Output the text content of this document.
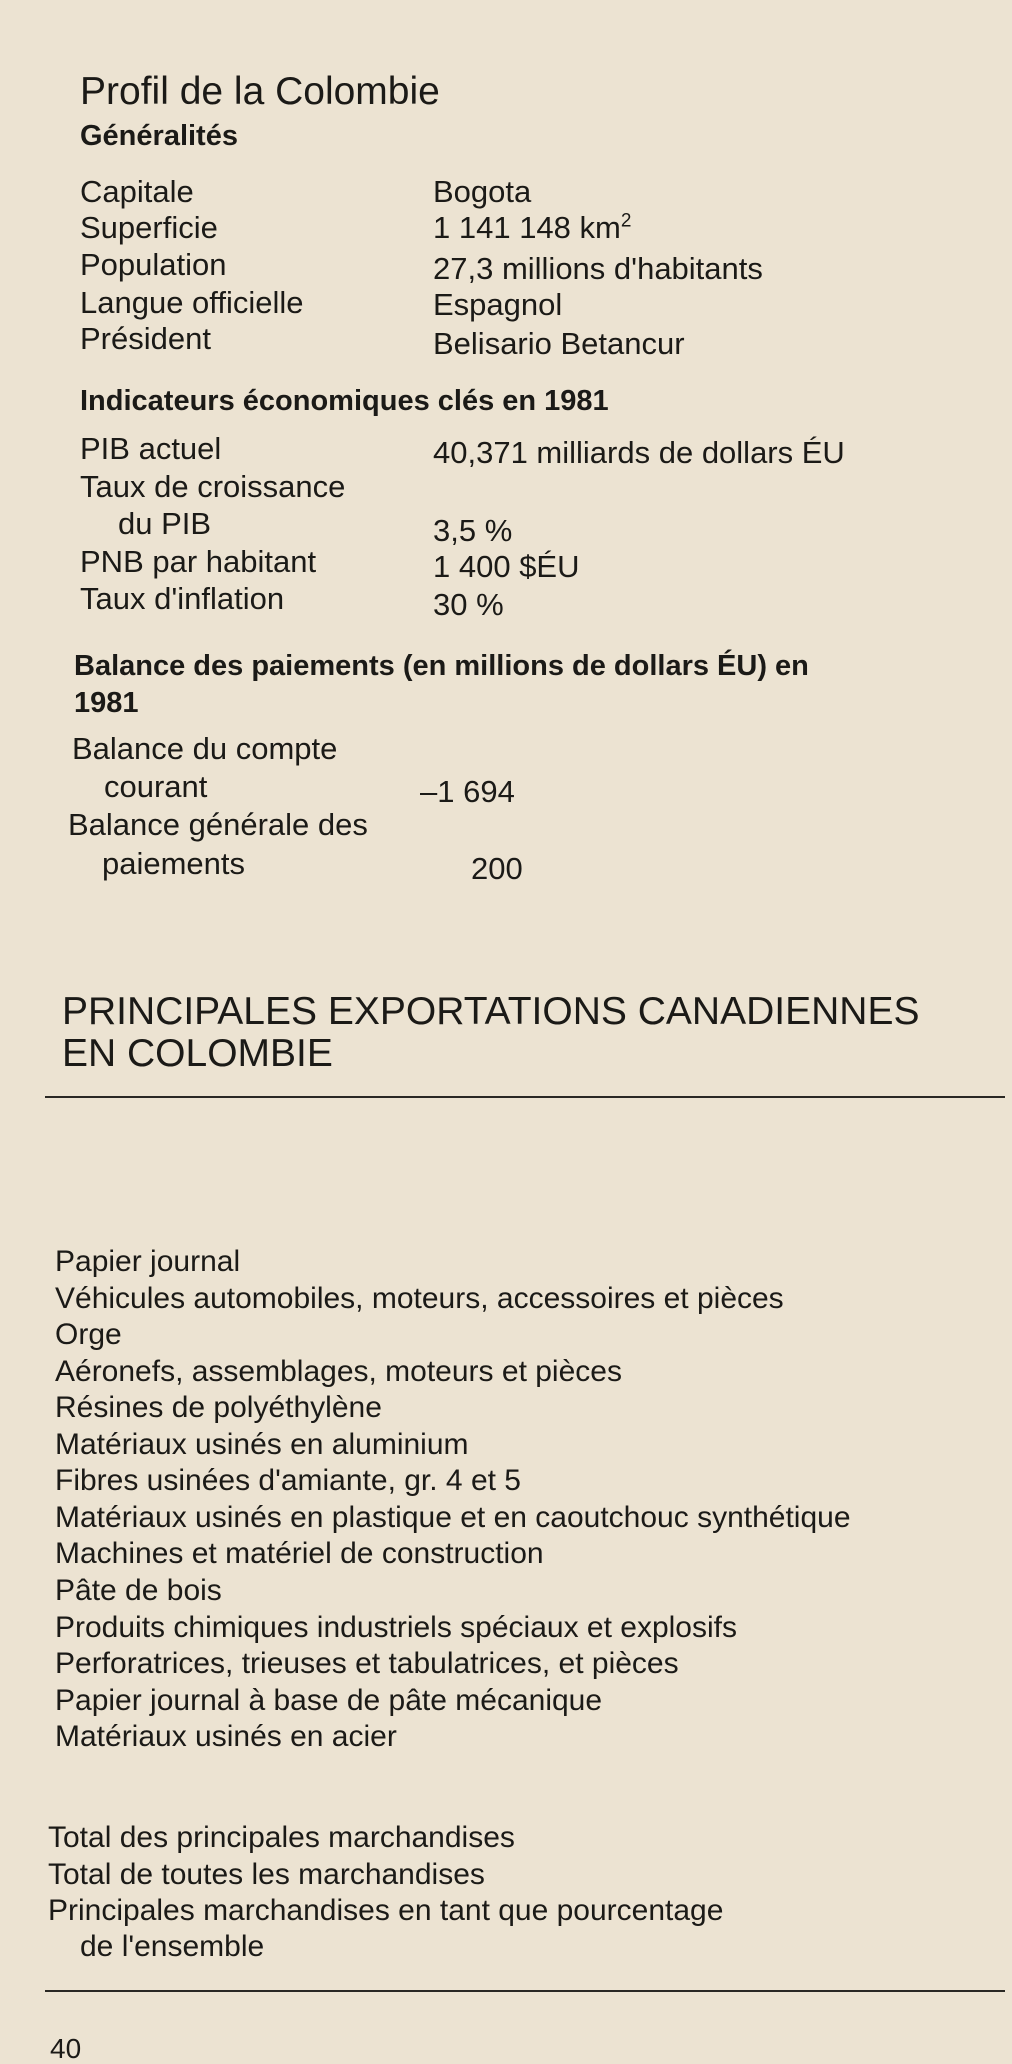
Profil de la Colombie
Généralités
Capitale	Bogota
Superficie	1 141 148 $km^2$
Population	27,3 millions d'habitants
Langue officielle	Espagnol
Président	Belisario Betancur
Indicateurs économiques clés en 1981
PIB actuel	40,371 milliards de dollars ÉU
Taux de croissance
du PIB	3,5 %
PNB par habitant	1 400 $ÉU
Taux d'inflation	30 %
Balance des paiements (en millions de dollars ÉU) en
1981
Balance du compte
courant	–1 694
Balance générale des
paiements	200
PRINCIPALES EXPORTATIONS CANADIENNES
EN COLOMBIE
Papier journal
Véhicules automobiles, moteurs, accessoires et pièces
Orge
Aéronefs, assemblages, moteurs et pièces
Résines de polyéthylène
Matériaux usinés en aluminium
Fibres usinées d'amiante, gr. 4 et 5
Matériaux usinés en plastique et en caoutchouc synthétique
Machines et matériel de construction
Pâte de bois
Produits chimiques industriels spéciaux et explosifs
Perforatrices, trieuses et tabulatrices, et pièces
Papier journal à base de pâte mécanique
Matériaux usinés en acier
Total des principales marchandises
Total de toutes les marchandises
Principales marchandises en tant que pourcentage
de l'ensemble
40
